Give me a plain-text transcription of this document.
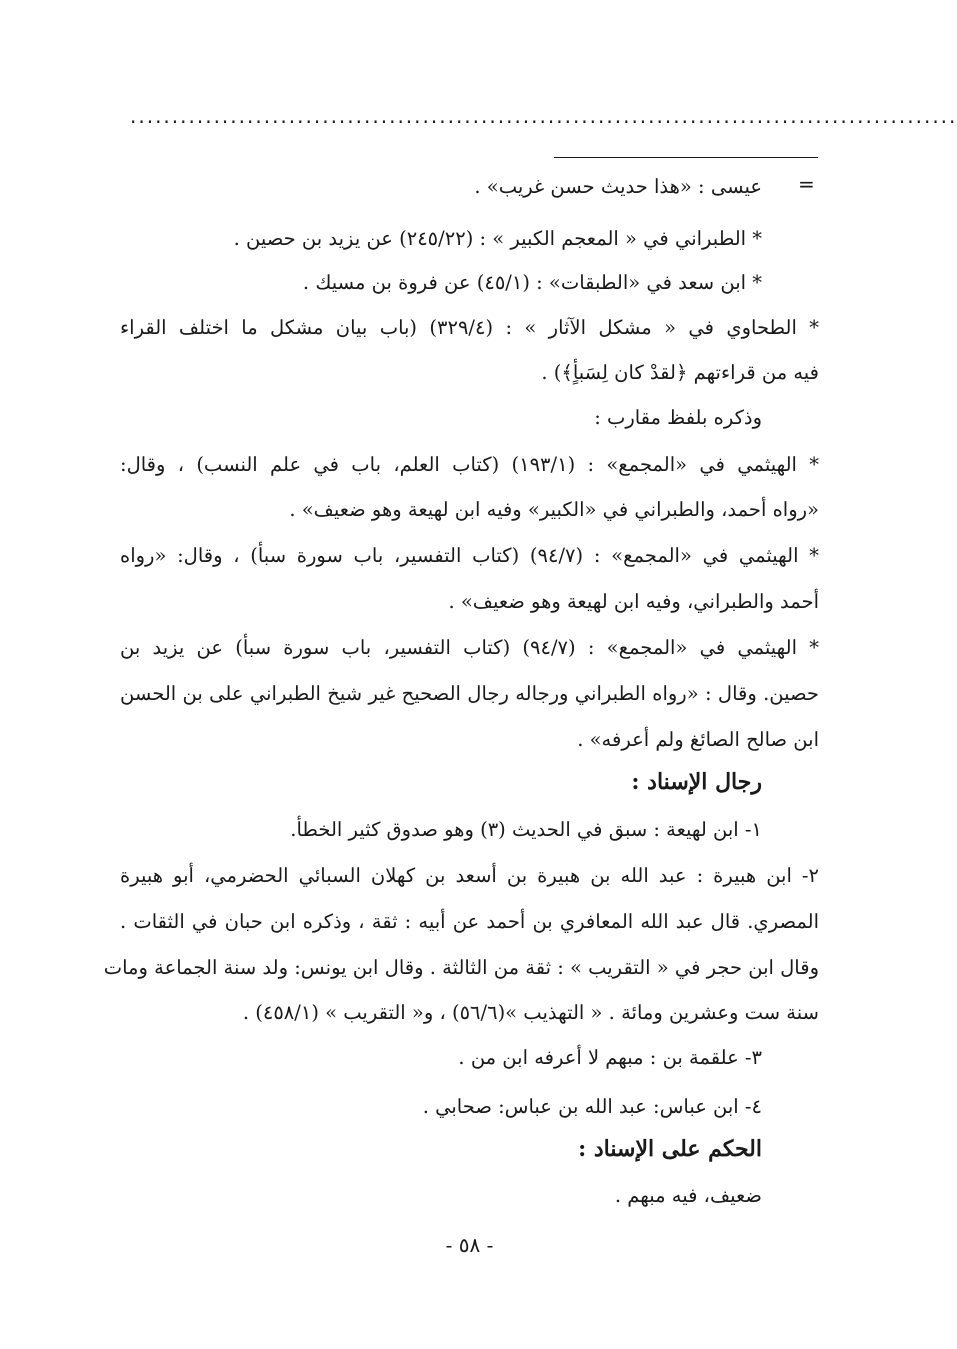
...................................................................................................
=
عيسى : «هذا حديث حسن غريب» .
* الطبراني في « المعجم الكبير » : (٢٤٥/٢٢) عن يزيد بن حصين .
* ابن سعد في «الطبقات» : (٤٥/١) عن فروة بن مسيك .
* الطحاوي في « مشكل الآثار » : (٣٢٩/٤) (باب بيان مشكل ما اختلف القراء
فيه من قراءتهم ﴿لقدْ كان لِسَبأٍ﴾) .
وذكره بلفظ مقارب :
* الهيثمي في «المجمع» : (١٩٣/١) (كتاب العلم، باب في علم النسب) ، وقال:
«رواه أحمد، والطبراني في «الكبير» وفيه ابن لهيعة وهو ضعيف» .
* الهيثمي في «المجمع» : (٩٤/٧) (كتاب التفسير، باب سورة سبأ) ، وقال: «رواه
أحمد والطبراني، وفيه ابن لهيعة وهو ضعيف» .
* الهيثمي في «المجمع» : (٩٤/٧) (كتاب التفسير، باب سورة سبأ) عن يزيد بن
حصين. وقال : «رواه الطبراني ورجاله رجال الصحيح غير شيخ الطبراني على بن الحسن
ابن صالح الصائغ ولم أعرفه» .
رجال الإسناد :
١- ابن لهيعة : سبق في الحديث (٣) وهو صدوق كثير الخطأ.
٢- ابن هبيرة : عبد الله بن هبيرة بن أسعد بن كهلان السبائي الحضرمي، أبو هبيرة
المصري. قال عبد الله المعافري بن أحمد عن أبيه : ثقة ، وذكره ابن حبان في الثقات .
وقال ابن حجر في « التقريب » : ثقة من الثالثة . وقال ابن يونس: ولد سنة الجماعة ومات
سنة ست وعشرين ومائة . « التهذيب »(٥٦/٦) ، و« التقريب » (٤٥٨/١) .
٣- علقمة بن : مبهم لا أعرفه ابن من .
٤- ابن عباس: عبد الله بن عباس: صحابي .
الحكم على الإسناد :
ضعيف، فيه مبهم .
- ٥٨ -
